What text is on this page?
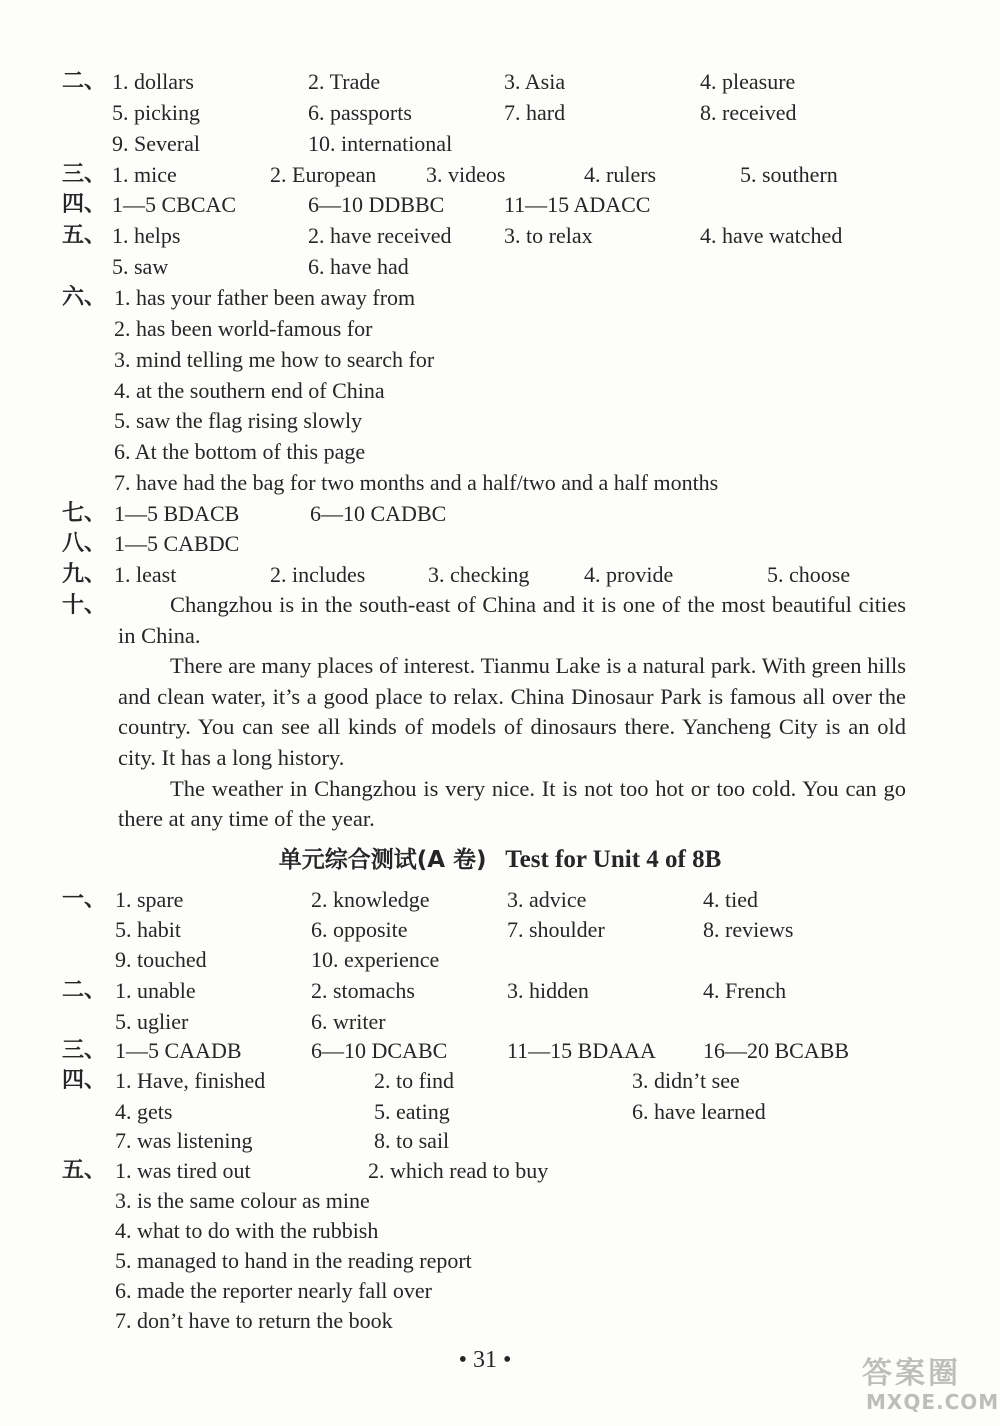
二、 1. dollars	2. Trade	3. Asia	4. pleasure
5. picking	6. passports	7. hard	8. received
9. Several	10. international
三、 1. mice	2. European 3. videos	4. rulers	5. southern
四、 1—5 CBCAC	6—10 DDBBC	11—15 ADACC
五、 1. helps	2. have received 3. to relax	4. have watched
5. saw	6. have had
六、 1. has your father been away from
2. has been world-famous for
3. mind telling me how to search for
4. at the southern end of China
5. saw the flag rising slowly
6. At the bottom of this page
7. have had the bag for two months and a half/two and a half months
七、 1—5 BDACB	6—10 CADBC
八、 1—5 CABDC
九、 1. least	2. includes	3. checking 4. provide	5. choose
十、	Changzhou is in the south-east of China and it is one of the most beautiful cities in China.

There are many places of interest. Tianmu Lake is a natural park. With green hills and clean water, it’s a good place to relax. China Dinosaur Park is famous all over the country. You can see all kinds of models of dinosaurs there. Yancheng City is an old city. It has a long history.

The weather in Changzhou is very nice. It is not too hot or too cold. You can go there at any time of the year.

单元综合测试(A 卷) Test for Unit 4 of 8B
一、 1. spare	2. knowledge	3. advice	4. tied
5. habit	6. opposite	7. shoulder	8. reviews
9. touched	10. experience
二、 1. unable	2. stomachs	3. hidden	4. French
5. uglier	6. writer
三、 1—5 CAADB	6—10 DCABC	11—15 BDAAA 16—20 BCABB
四、 1. Have, finished	2. to find	3. didn’t see
4. gets	5. eating	6. have learned
7. was listening	8. to sail
五、 1. was tired out	2. which read to buy
3. is the same colour as mine
4. what to do with the rubbish
5. managed to hand in the reading report
6. made the reporter nearly fall over
7. don’t have to return the book
• 31 •	答案圈
MXQE.COM
